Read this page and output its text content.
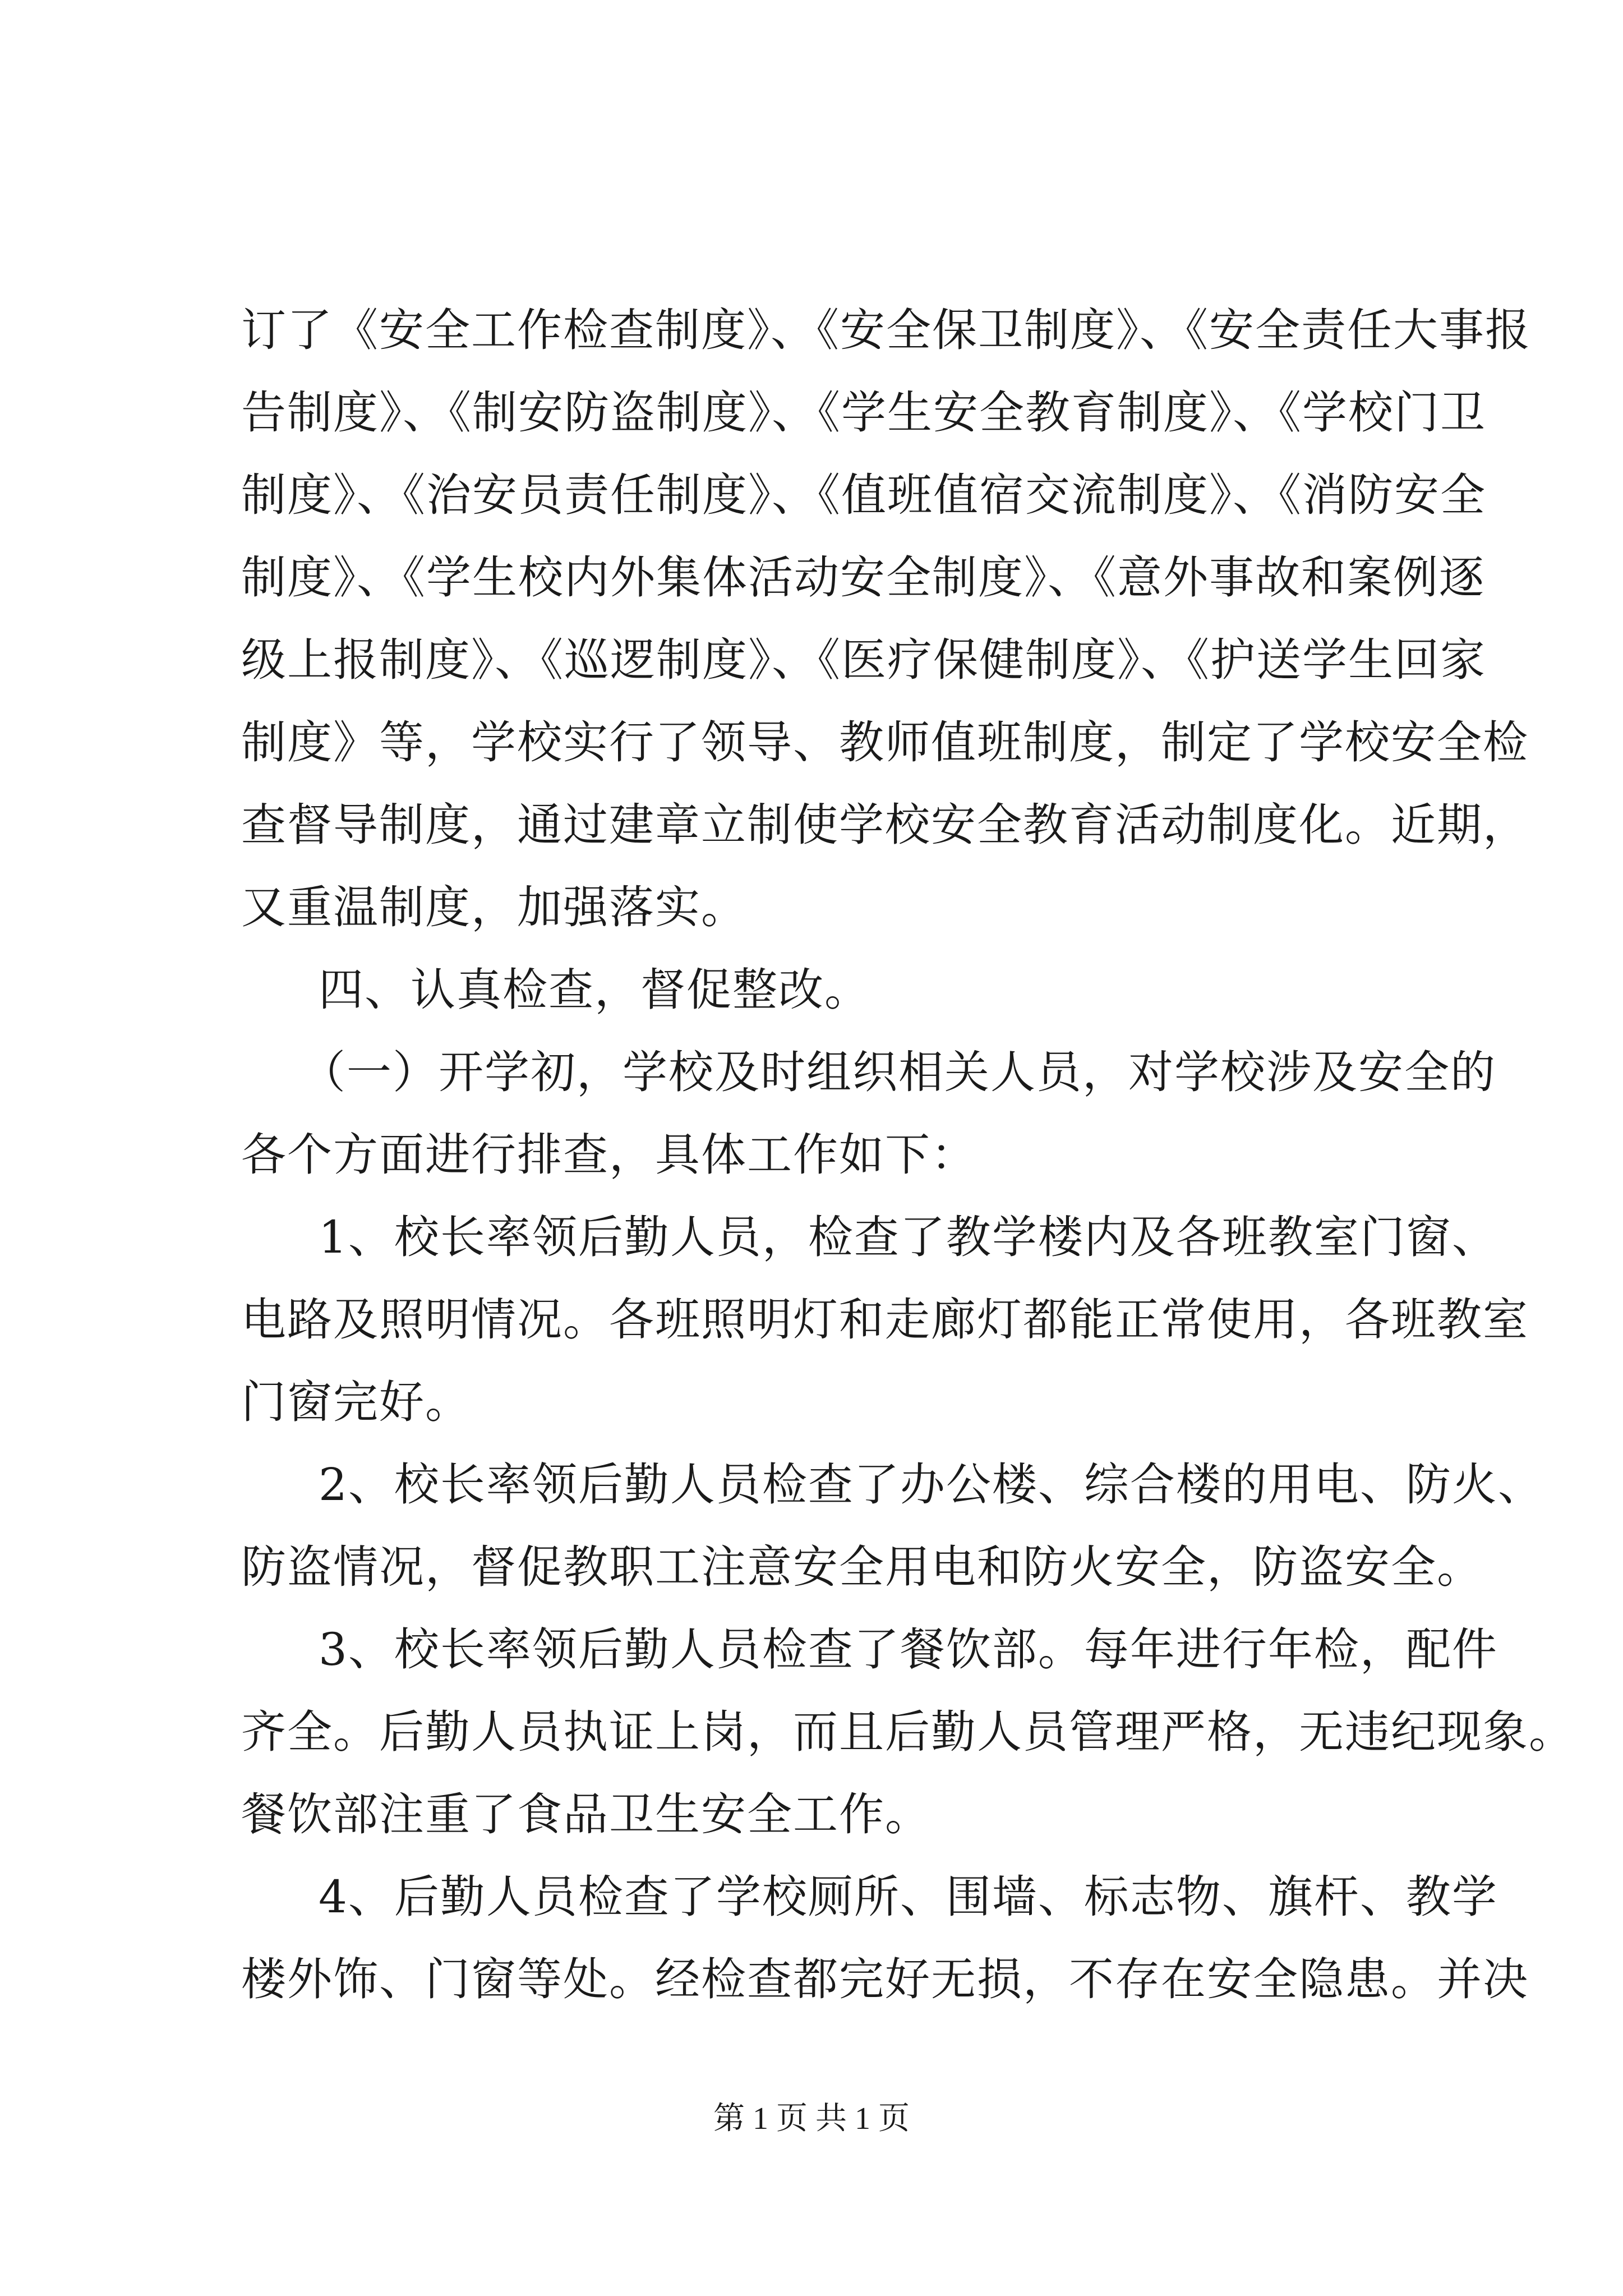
订了《安全工作检查制度》、《安全保卫制度》、《安全责任大事报
告制度》、《制安防盗制度》、《学生安全教育制度》、《学校门卫
制度》、《治安员责任制度》、《值班值宿交流制度》、《消防安全
制度》、《学生校内外集体活动安全制度》、《意外事故和案例逐
级上报制度》、《巡逻制度》、《医疗保健制度》、《护送学生回家
制度》等，学校实行了领导、教师值班制度，制定了学校安全检
查督导制度，通过建章立制使学校安全教育活动制度化。近期，
又重温制度，加强落实。
四、认真检查，督促整改。
（一）开学初，学校及时组织相关人员，对学校涉及安全的
各个方面进行排查，具体工作如下：
1、校长率领后勤人员，检查了教学楼内及各班教室门窗、
电路及照明情况。各班照明灯和走廊灯都能正常使用，各班教室
门窗完好。
2、校长率领后勤人员检查了办公楼、综合楼的用电、防火、
防盗情况，督促教职工注意安全用电和防火安全，防盗安全。
3、校长率领后勤人员检查了餐饮部。每年进行年检，配件
齐全。后勤人员执证上岗，而且后勤人员管理严格，无违纪现象。
餐饮部注重了食品卫生安全工作。
4、后勤人员检查了学校厕所、围墙、标志物、旗杆、教学
楼外饰、门窗等处。经检查都完好无损，不存在安全隐患。并决
第 1 页 共 1 页
